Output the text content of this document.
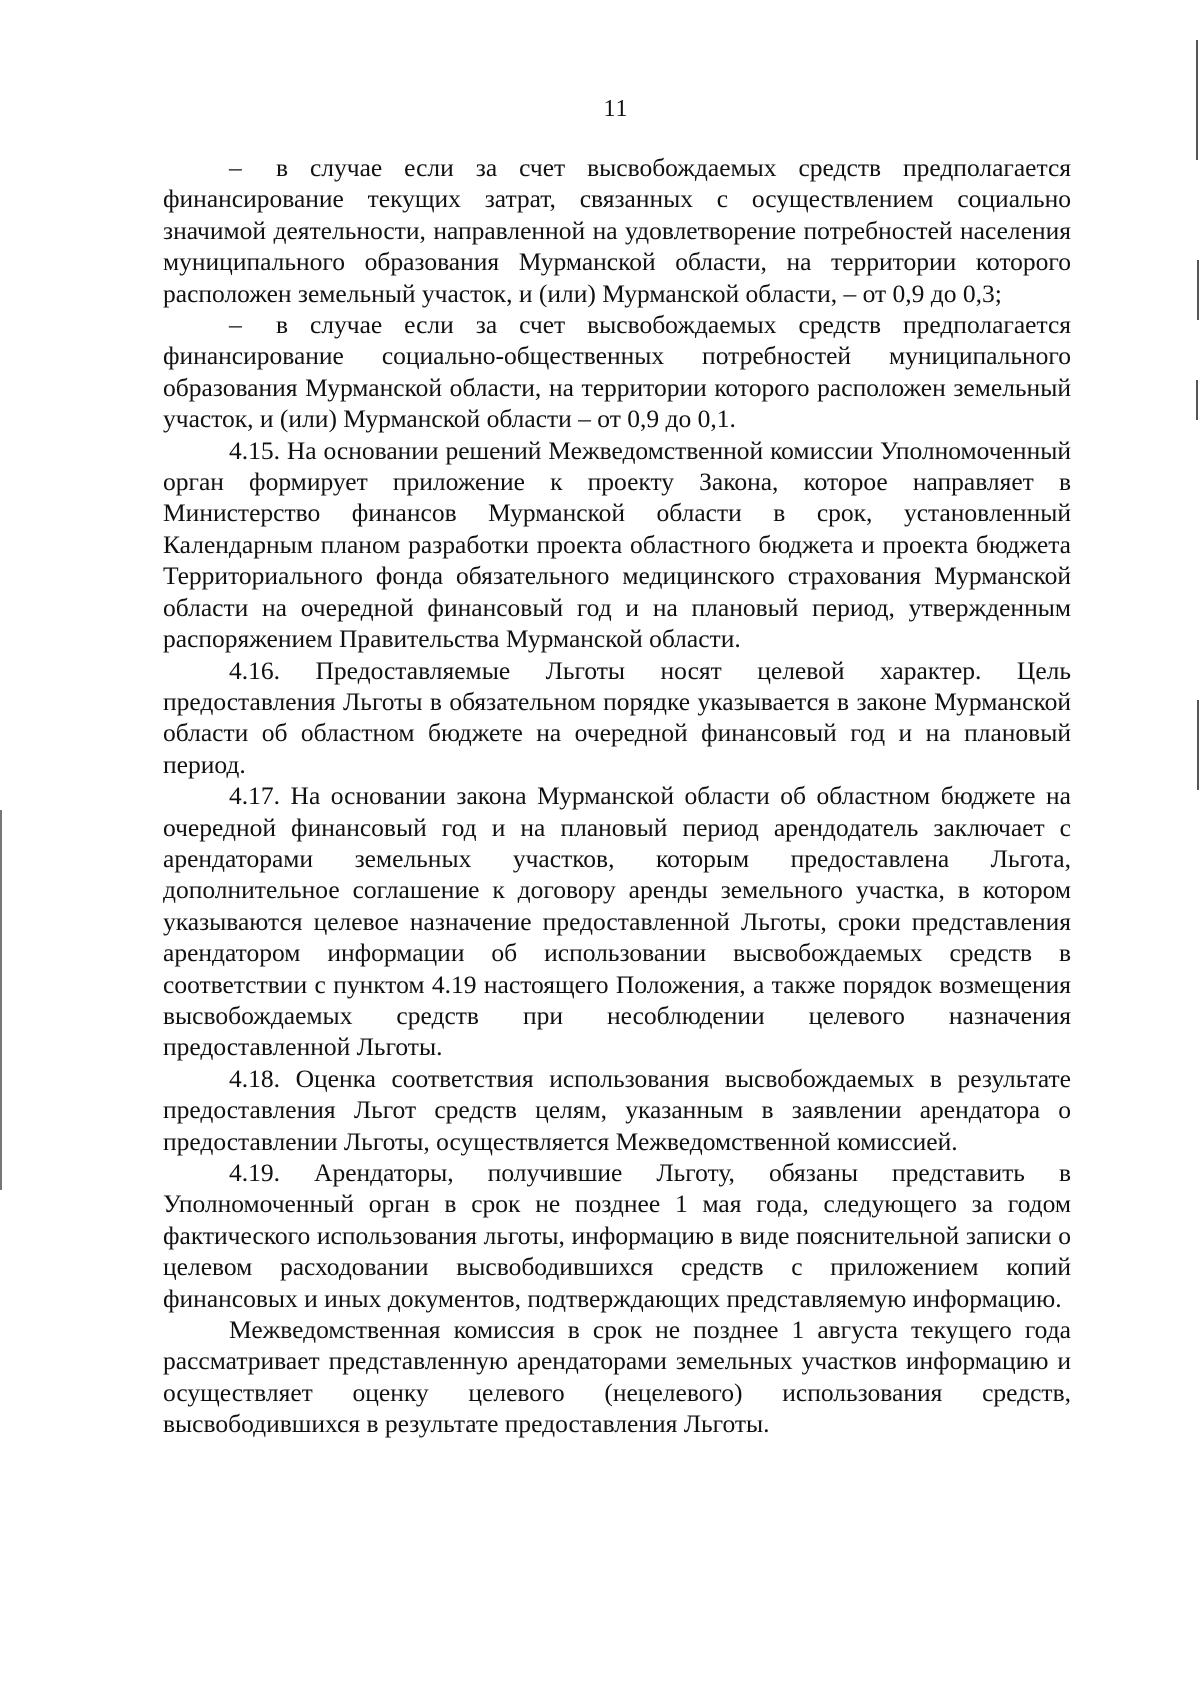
11

– в случае если за счет высвобождаемых средств предполагается финансирование текущих затрат, связанных с осуществлением социально значимой деятельности, направленной на удовлетворение потребностей населения муниципального образования Мурманской области, на территории которого расположен земельный участок, и (или) Мурманской области, – от 0,9 до 0,3;

– в случае если за счет высвобождаемых средств предполагается финансирование социально-общественных потребностей муниципального образования Мурманской области, на территории которого расположен земельный участок, и (или) Мурманской области – от 0,9 до 0,1.

4.15. На основании решений Межведомственной комиссии Уполномоченный орган формирует приложение к проекту Закона, которое направляет в Министерство финансов Мурманской области в срок, установленный Календарным планом разработки проекта областного бюджета и проекта бюджета Территориального фонда обязательного медицинского страхования Мурманской области на очередной финансовый год и на плановый период, утвержденным распоряжением Правительства Мурманской области.

4.16. Предоставляемые Льготы носят целевой характер. Цель предоставления Льготы в обязательном порядке указывается в законе Мурманской области об областном бюджете на очередной финансовый год и на плановый период.

4.17. На основании закона Мурманской области об областном бюджете на очередной финансовый год и на плановый период арендодатель заключает с арендаторами земельных участков, которым предоставлена Льгота, дополнительное соглашение к договору аренды земельного участка, в котором указываются целевое назначение предоставленной Льготы, сроки представления арендатором информации об использовании высвобождаемых средств в соответствии с пунктом 4.19 настоящего Положения, а также порядок возмещения высвобождаемых средств при несоблюдении целевого назначения предоставленной Льготы.

4.18. Оценка соответствия использования высвобождаемых в результате предоставления Льгот средств целям, указанным в заявлении арендатора о предоставлении Льготы, осуществляется Межведомственной комиссией.

4.19. Арендаторы, получившие Льготу, обязаны представить в Уполномоченный орган в срок не позднее 1 мая года, следующего за годом фактического использования льготы, информацию в виде пояснительной записки о целевом расходовании высвободившихся средств с приложением копий финансовых и иных документов, подтверждающих представляемую информацию.

Межведомственная комиссия в срок не позднее 1 августа текущего года рассматривает представленную арендаторами земельных участков информацию и осуществляет оценку целевого (нецелевого) использования средств, высвободившихся в результате предоставления Льготы.
